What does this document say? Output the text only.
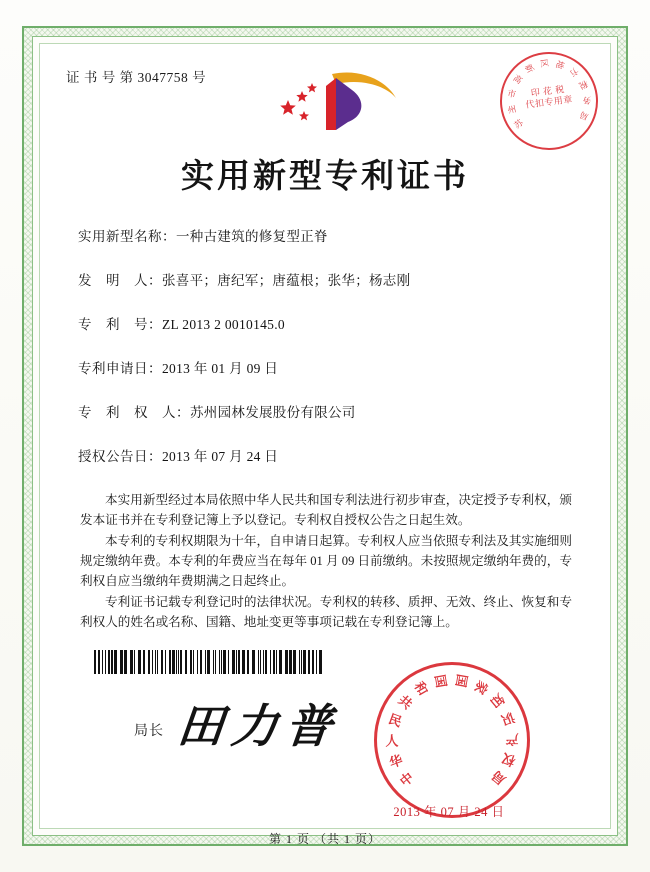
证 书 号 第 3047758 号
苏
州
市
高
新 区 地
方
税
务
局
印 花 税
代扣专用章
实用新型专利证书
实用新型名称：一种古建筑的修复型正脊
发　明　人：张喜平；唐纪军；唐蕴根；张华；杨志刚
专　利　号：ZL 2013 2 0010145.0
专利申请日：2013 年 01 月 09 日
专　利　权　人：苏州园林发展股份有限公司
授权公告日：2013 年 07 月 24 日

本实用新型经过本局依照中华人民共和国专利法进行初步审查，决定授予专利权，颁发本证书并在专利登记簿上予以登记。专利权自授权公告之日起生效。

本专利的专利权期限为十年，自申请日起算。专利权人应当依照专利法及其实施细则规定缴纳年费。本专利的年费应当在每年 01 月 09 日前缴纳。未按照规定缴纳年费的，专利权自应当缴纳年费期满之日起终止。

专利证书记载专利登记时的法律状况。专利权的转移、质押、无效、终止、恢复和专利权人的姓名或名称、国籍、地址变更等事项记载在专利登记簿上。

局长 田力普
中
华
人
民
共
和 国 国 家
知
识
产
权
局
2013 年 07 月 24 日
第 1 页 （共 1 页）
